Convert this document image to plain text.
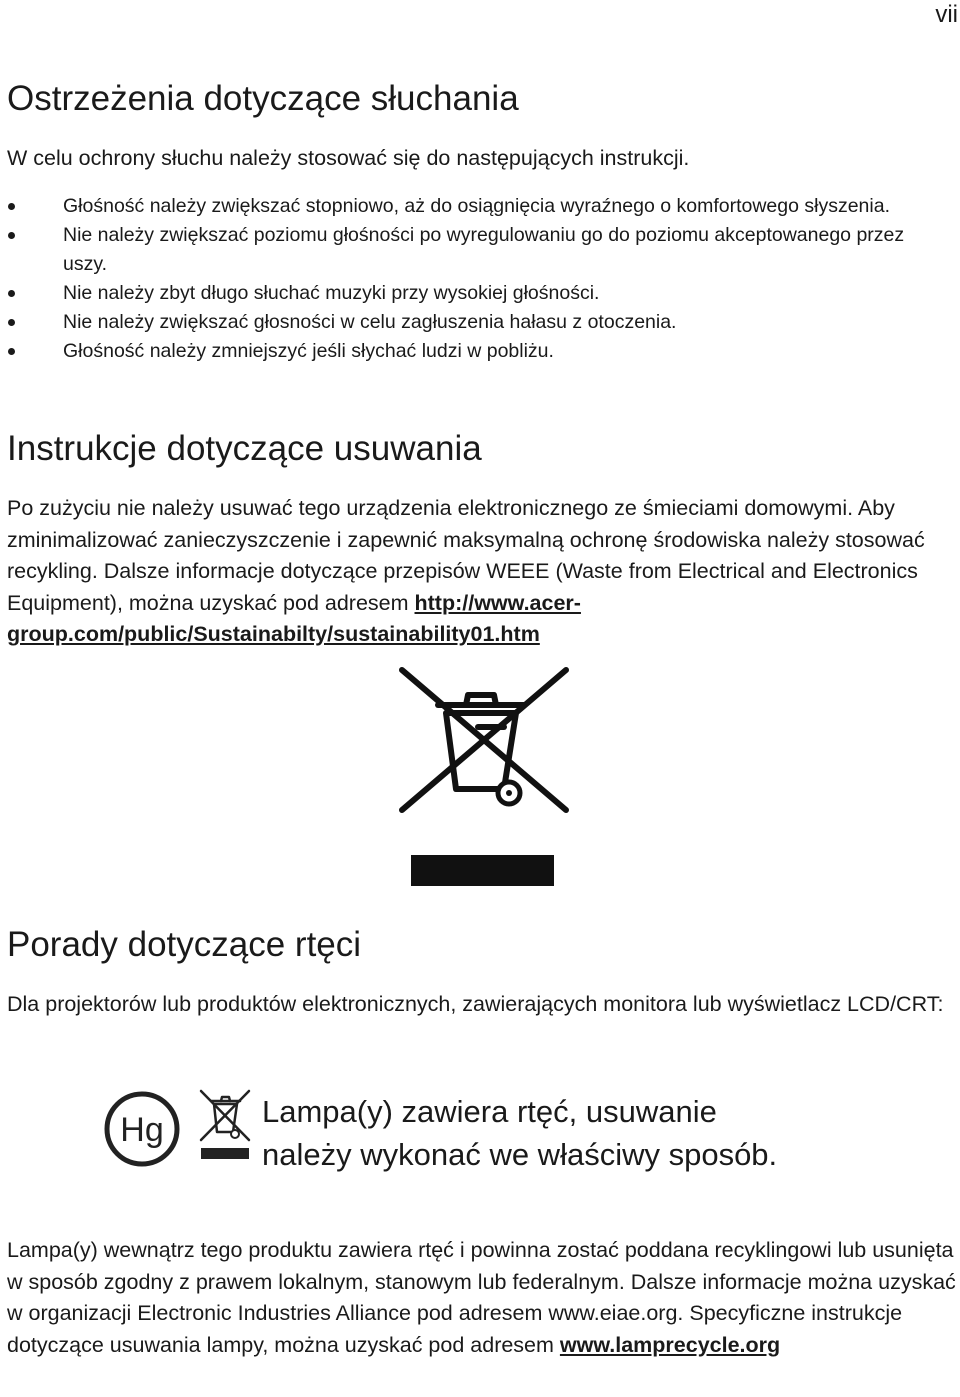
vii
Ostrzeżenia dotyczące słuchania

W celu ochrony słuchu należy stosować się do następujących instrukcji.

Głośność należy zwiększać stopniowo, aż do osiągnięcia wyraźnego o komfortowego słyszenia.
Nie należy zwiększać poziomu głośności po wyregulowaniu go do poziomu akceptowanego przez uszy.
Nie należy zbyt długo słuchać muzyki przy wysokiej głośności.
Nie należy zwiększać głosności w celu zagłuszenia hałasu z otoczenia.
Głośność należy zmniejszyć jeśli słychać ludzi w pobliżu.
Instrukcje dotyczące usuwania

Po zużyciu nie należy usuwać tego urządzenia elektronicznego ze śmieciami domowymi. Aby zminimalizować zanieczyszczenie i zapewnić maksymalną ochronę środowiska należy stosować recykling. Dalsze informacje dotyczące przepisów WEEE (Waste from Electrical and Electronics Equipment), można uzyskać pod adresem http://www.acer-group.com/public/Sustainabilty/sustainability01.htm

Porady dotyczące rtęci

Dla projektorów lub produktów elektronicznych, zawierających monitora lub wyświetlacz LCD/CRT:

Hg	Lampa(y) zawiera rtęć, usuwanie
należy wykonać we właściwy sposób.

Lampa(y) wewnątrz tego produktu zawiera rtęć i powinna zostać poddana recyklingowi lub usunięta w sposób zgodny z prawem lokalnym, stanowym lub federalnym. Dalsze informacje można uzyskać w organizacji Electronic Industries Alliance pod adresem www.eiae.org. Specyficzne instrukcje dotyczące usuwania lampy, można uzyskać pod adresem www.lamprecycle.org
